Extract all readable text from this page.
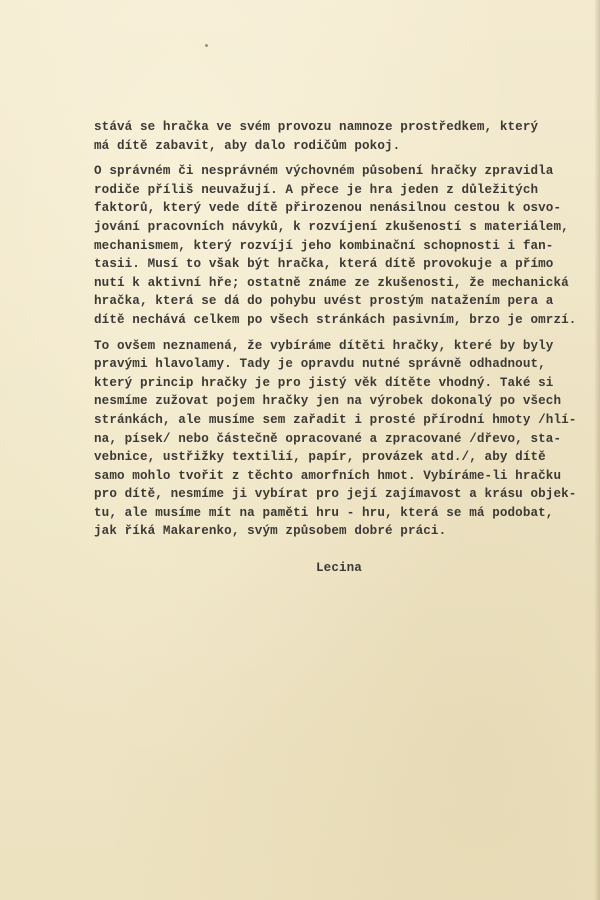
stává se hračka ve svém provozu namnoze prostředkem, který
má dítě zabavit, aby dalo rodičům pokoj.
O správném či nesprávném výchovném působení hračky zpravidla
rodiče příliš neuvažují. A přece je hra jeden z důležitých
faktorů, který vede dítě přirozenou nenásilnou cestou k osvo-
jování pracovních návyků, k rozvíjení zkušeností s materiálem,
mechanismem, který rozvíjí jeho kombinační schopnosti i fan-
tasii. Musí to však být hračka, která dítě provokuje a přímo
nutí k aktivní hře; ostatně známe ze zkušenosti, že mechanická
hračka, která se dá do pohybu uvést prostým natažením pera a
dítě nechává celkem po všech stránkách pasivním, brzo je omrzí.
To ovšem neznamená, že vybíráme dítěti hračky, které by byly
pravými hlavolamy. Tady je opravdu nutné správně odhadnout,
který princip hračky je pro jistý věk dítěte vhodný. Také si
nesmíme zužovat pojem hračky jen na výrobek dokonalý po všech
stránkách, ale musíme sem zařadit i prosté přírodní hmoty /hlí-
na, písek/ nebo částečně opracované a zpracované /dřevo, sta-
vebnice, ustřižky textilií, papír, provázek atd./, aby dítě
samo mohlo tvořit z těchto amorfních hmot. Vybíráme-li hračku
pro dítě, nesmíme ji vybírat pro její zajímavost a krásu objek-
tu, ale musíme mít na paměti hru - hru, která se má podobat,
jak říká Makarenko, svým způsobem dobré práci.
Lecina
